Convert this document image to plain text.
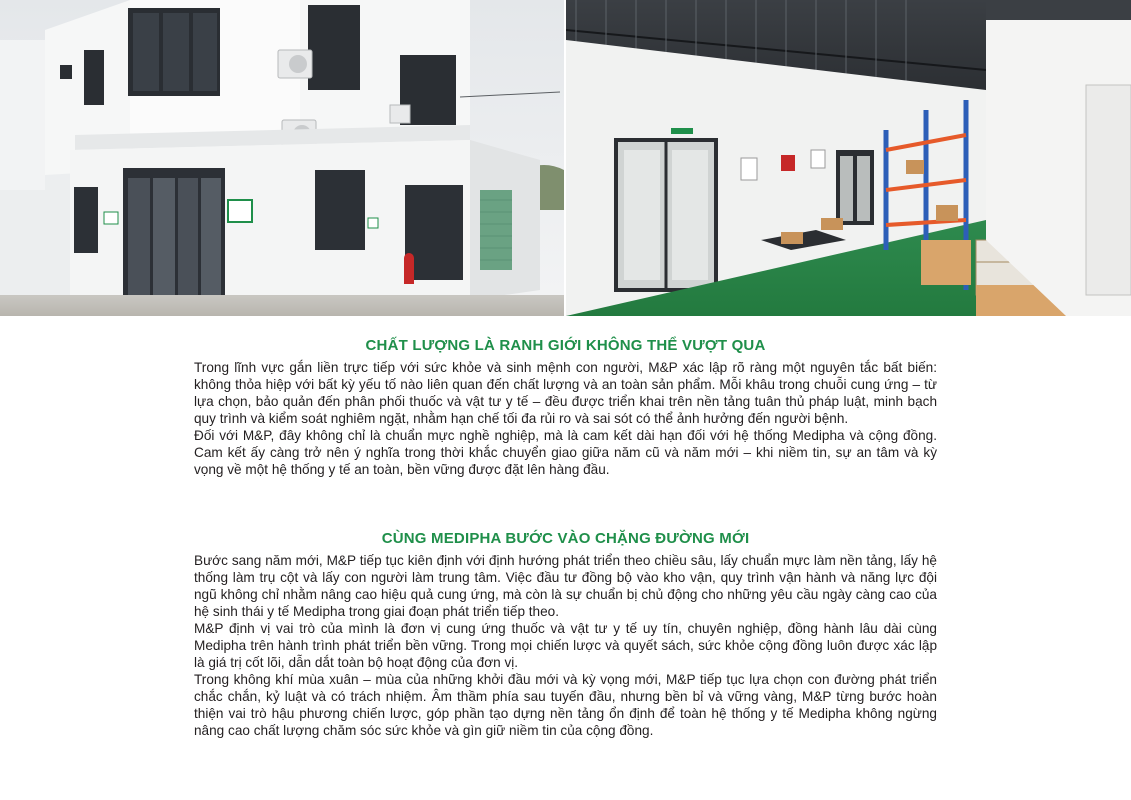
CHẤT LƯỢNG LÀ RANH GIỚI KHÔNG THỂ VƯỢT QUA

Trong lĩnh vực gắn liền trực tiếp với sức khỏe và sinh mệnh con người, M&P xác lập rõ ràng một nguyên tắc bất biến: không thỏa hiệp với bất kỳ yếu tố nào liên quan đến chất lượng và an toàn sản phẩm. Mỗi khâu trong chuỗi cung ứng – từ lựa chọn, bảo quản đến phân phối thuốc và vật tư y tế – đều được triển khai trên nền tảng tuân thủ pháp luật, minh bạch quy trình và kiểm soát nghiêm ngặt, nhằm hạn chế tối đa rủi ro và sai sót có thể ảnh hưởng đến người bệnh.

Đối với M&P, đây không chỉ là chuẩn mực nghề nghiệp, mà là cam kết dài hạn đối với hệ thống Medipha và cộng đồng. Cam kết ấy càng trở nên ý nghĩa trong thời khắc chuyển giao giữa năm cũ và năm mới – khi niềm tin, sự an tâm và kỳ vọng về một hệ thống y tế an toàn, bền vững được đặt lên hàng đầu.

CÙNG MEDIPHA BƯỚC VÀO CHẶNG ĐƯỜNG MỚI

Bước sang năm mới, M&P tiếp tục kiên định với định hướng phát triển theo chiều sâu, lấy chuẩn mực làm nền tảng, lấy hệ thống làm trụ cột và lấy con người làm trung tâm. Việc đầu tư đồng bộ vào kho vận, quy trình vận hành và năng lực đội ngũ không chỉ nhằm nâng cao hiệu quả cung ứng, mà còn là sự chuẩn bị chủ động cho những yêu cầu ngày càng cao của hệ sinh thái y tế Medipha trong giai đoạn phát triển tiếp theo.

M&P định vị vai trò của mình là đơn vị cung ứng thuốc và vật tư y tế uy tín, chuyên nghiệp, đồng hành lâu dài cùng Medipha trên hành trình phát triển bền vững. Trong mọi chiến lược và quyết sách, sức khỏe cộng đồng luôn được xác lập là giá trị cốt lõi, dẫn dắt toàn bộ hoạt động của đơn vị.

Trong không khí mùa xuân – mùa của những khởi đầu mới và kỳ vọng mới, M&P tiếp tục lựa chọn con đường phát triển chắc chắn, kỷ luật và có trách nhiệm. Âm thầm phía sau tuyến đầu, nhưng bền bỉ và vững vàng, M&P từng bước hoàn thiện vai trò hậu phương chiến lược, góp phần tạo dựng nền tảng ổn định để toàn hệ thống y tế Medipha không ngừng nâng cao chất lượng chăm sóc sức khỏe và gìn giữ niềm tin của cộng đồng.
